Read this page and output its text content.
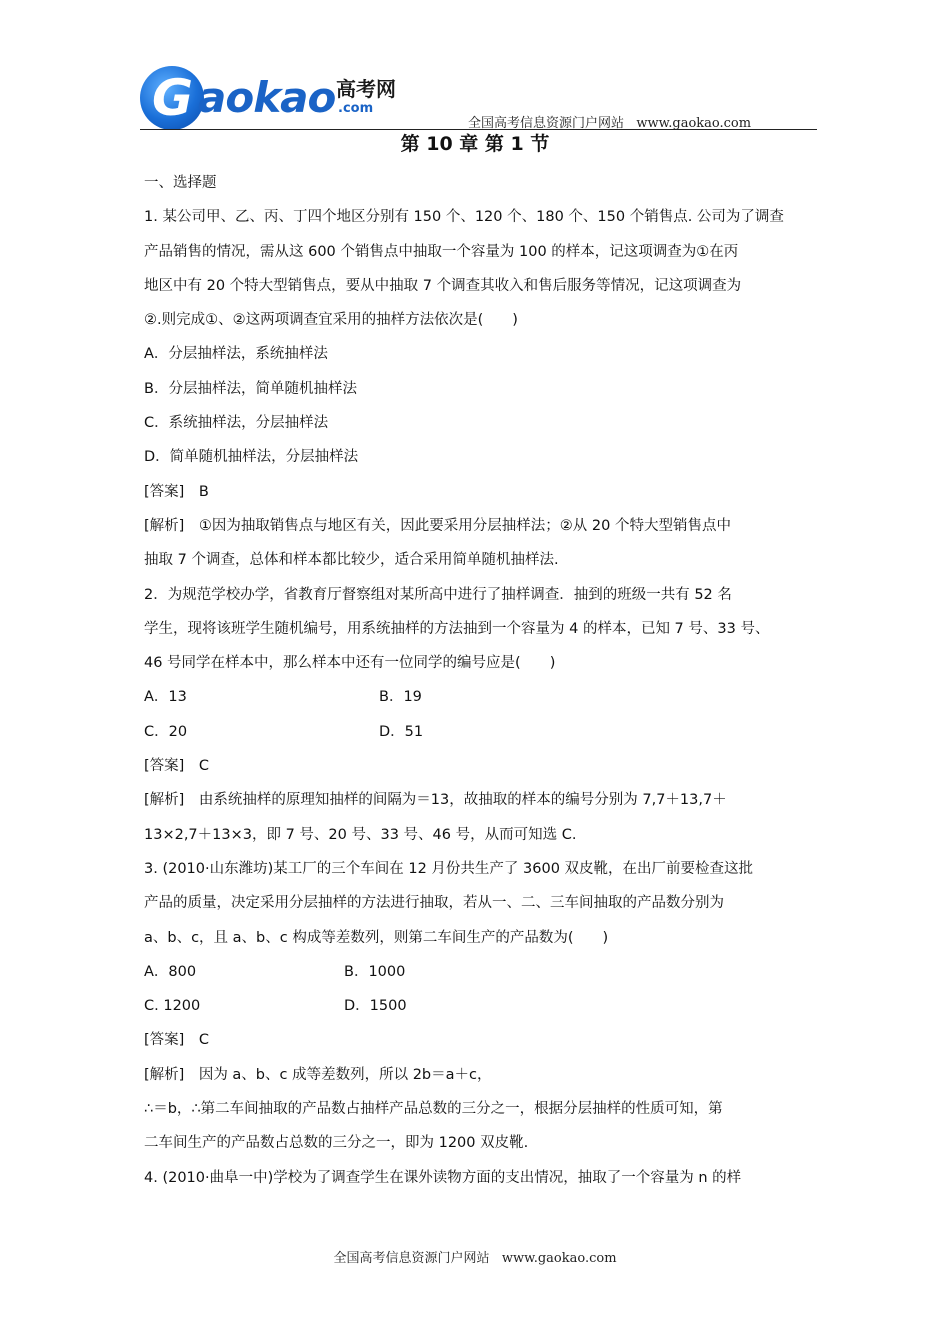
G aokao 高考网
.com
全国高考信息资源门户网站   www.gaokao.com
第 10 章 第 1 节
一、选择题
1. 某公司甲、乙、丙、丁四个地区分别有 150 个、120 个、180 个、150 个销售点. 公司为了调查
产品销售的情况，需从这 600 个销售点中抽取一个容量为 100 的样本，记这项调查为①在丙
地区中有 20 个特大型销售点，要从中抽取 7 个调查其收入和售后服务等情况，记这项调查为
②.则完成①、②这两项调查宜采用的抽样方法依次是(　　)
A．分层抽样法，系统抽样法
B．分层抽样法，简单随机抽样法
C．系统抽样法，分层抽样法
D．简单随机抽样法，分层抽样法
[答案]　B
[解析]　①因为抽取销售点与地区有关，因此要采用分层抽样法；②从 20 个特大型销售点中
抽取 7 个调查，总体和样本都比较少，适合采用简单随机抽样法.
2．为规范学校办学，省教育厅督察组对某所高中进行了抽样调查．抽到的班级一共有 52 名
学生，现将该班学生随机编号，用系统抽样的方法抽到一个容量为 4 的样本，已知 7 号、33 号、
46 号同学在样本中，那么样本中还有一位同学的编号应是(　　)
A．13	B．19
C．20	D．51
[答案]　C
[解析]　由系统抽样的原理知抽样的间隔为＝13，故抽取的样本的编号分别为 7,7＋13,7＋
13×2,7＋13×3，即 7 号、20 号、33 号、46 号，从而可知选 C.
3. (2010·山东潍坊)某工厂的三个车间在 12 月份共生产了 3600 双皮靴，在出厂前要检查这批
产品的质量，决定采用分层抽样的方法进行抽取，若从一、二、三车间抽取的产品数分别为
a、b、c，且 a、b、c 构成等差数列，则第二车间生产的产品数为(　　)
A．800	B．1000
C. 1200	D．1500
[答案]　C
[解析]　因为 a、b、c 成等差数列，所以 2b＝a＋c，
∴＝b，∴第二车间抽取的产品数占抽样产品总数的三分之一，根据分层抽样的性质可知，第
二车间生产的产品数占总数的三分之一，即为 1200 双皮靴.
4. (2010·曲阜一中)学校为了调查学生在课外读物方面的支出情况，抽取了一个容量为 n 的样
全国高考信息资源门户网站   www.gaokao.com
